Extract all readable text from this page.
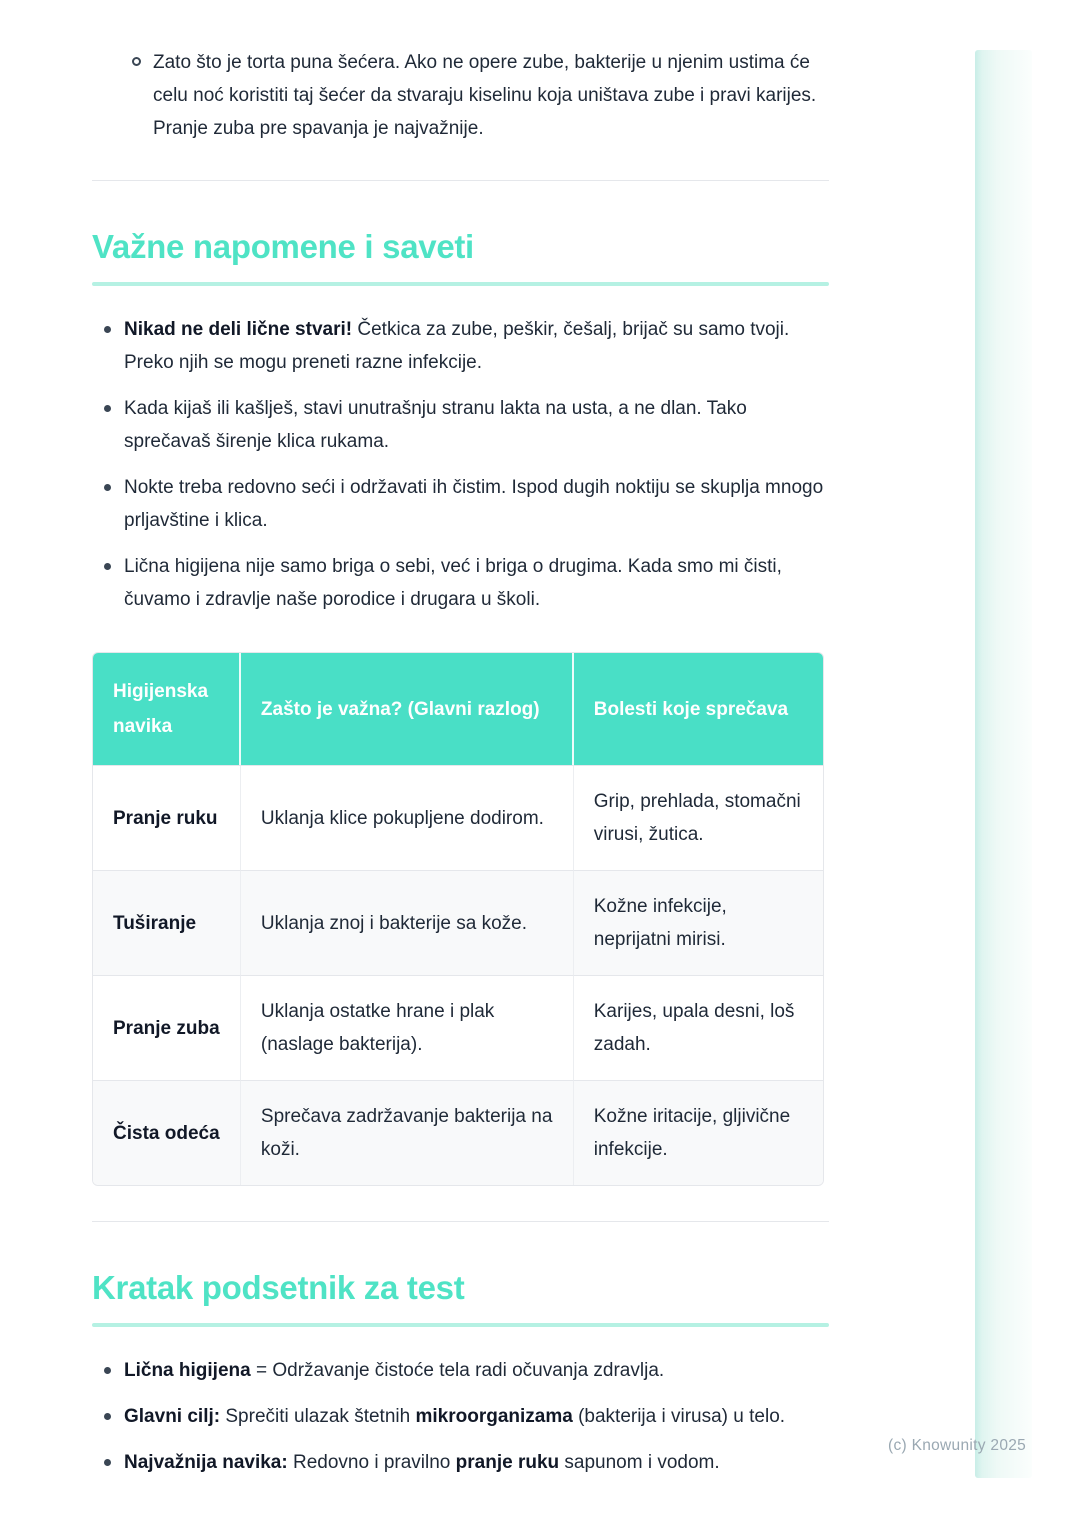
Zato što je torta puna šećera. Ako ne opere zube, bakterije u njenim ustima će celu noć koristiti taj šećer da stvaraju kiselinu koja uništava zube i pravi karijes. Pranje zuba pre spavanja je najvažnije.
Važne napomene i saveti
Nikad ne deli lične stvari! Četkica za zube, peškir, češalj, brijač su samo tvoji. Preko njih se mogu preneti razne infekcije.
Kada kijaš ili kašlješ, stavi unutrašnju stranu lakta na usta, a ne dlan. Tako sprečavaš širenje klica rukama.
Nokte treba redovno seći i održavati ih čistim. Ispod dugih noktiju se skuplja mnogo prljavštine i klica.
Lična higijena nije samo briga o sebi, već i briga o drugima. Kada smo mi čisti, čuvamo i zdravlje naše porodice i drugara u školi.
Higijenska navika	Zašto je važna? (Glavni razlog)	Bolesti koje sprečava
Pranje ruku	Uklanja klice pokupljene dodirom.	Grip, prehlada, stomačni virusi, žutica.
Tuširanje	Uklanja znoj i bakterije sa kože.	Kožne infekcije, neprijatni mirisi.
Pranje zuba	Uklanja ostatke hrane i plak (naslage bakterija).	Karijes, upala desni, loš zadah.
Čista odeća	Sprečava zadržavanje bakterija na koži.	Kožne iritacije, gljivične infekcije.
Kratak podsetnik za test
Lična higijena = Održavanje čistoće tela radi očuvanja zdravlja.
Glavni cilj: Sprečiti ulazak štetnih mikroorganizama (bakterija i virusa) u telo.
Najvažnija navika: Redovno i pravilno pranje ruku sapunom i vodom.
(c) Knowunity 2025
